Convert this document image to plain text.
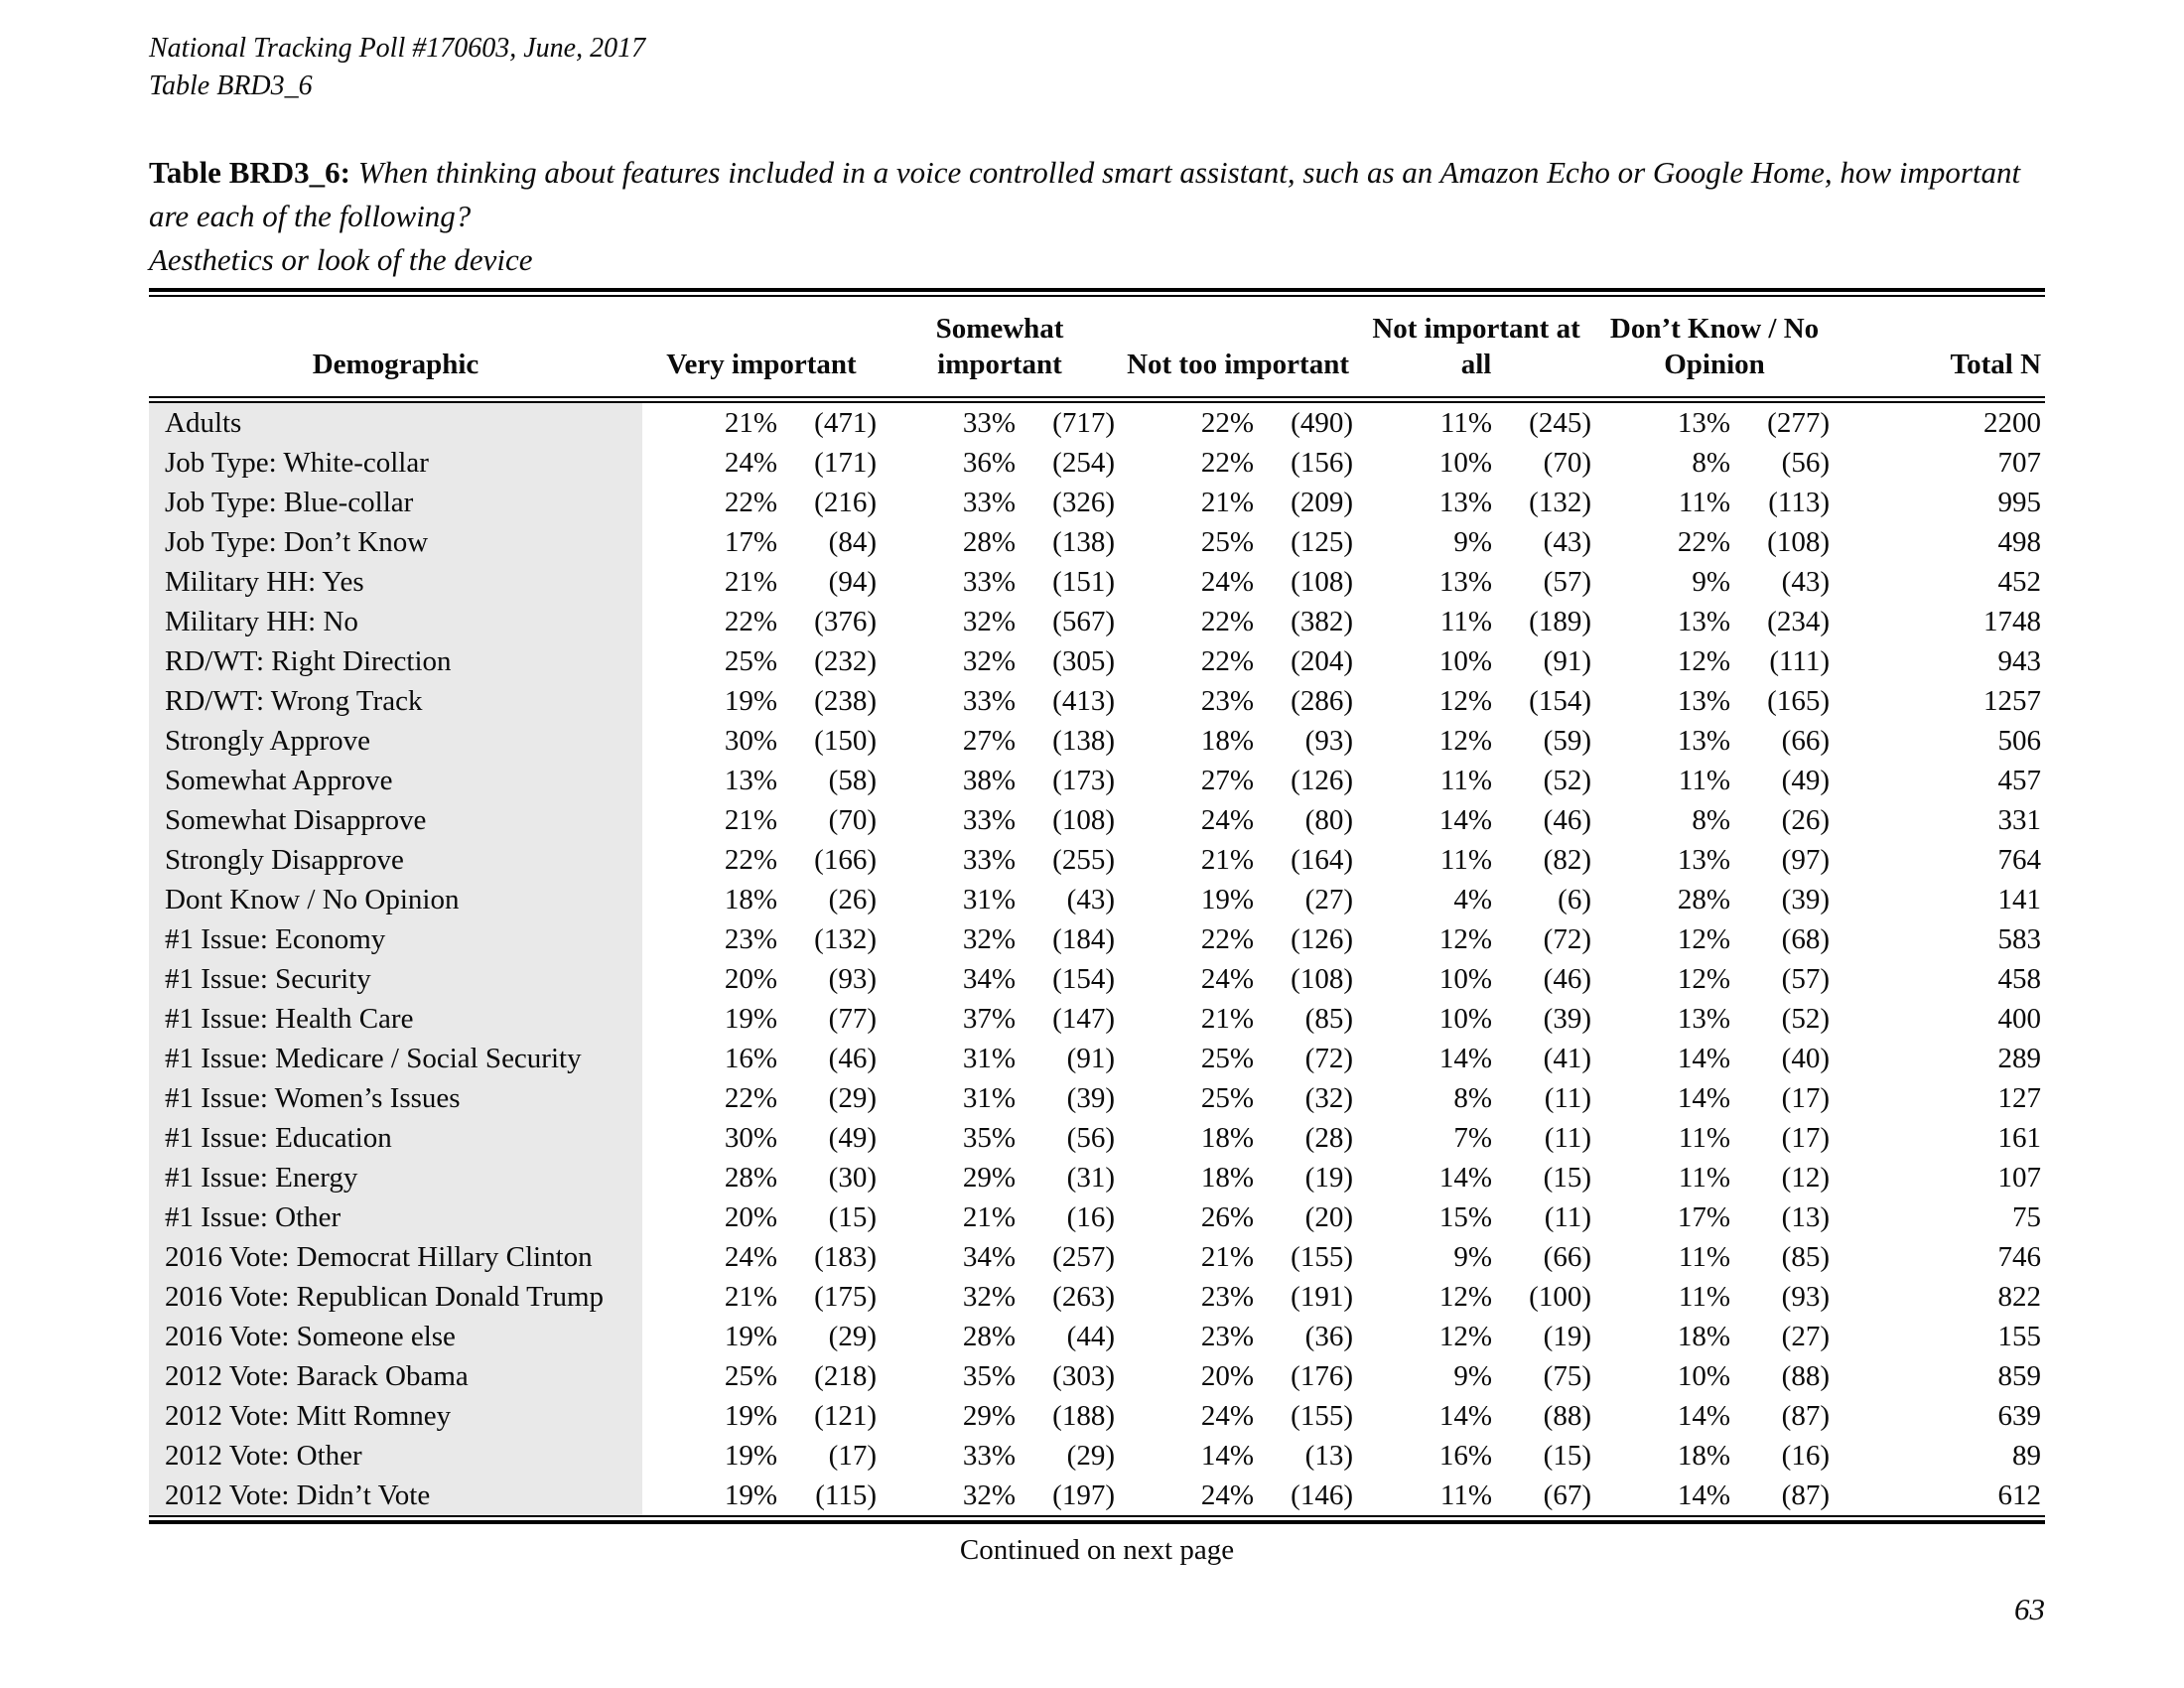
National Tracking Poll #170603, June, 2017
Table BRD3_6
Table BRD3_6: When thinking about features included in a voice controlled smart assistant, such as an Amazon Echo or Google Home, how important are each of the following?
Aesthetics or look of the device
Demographic	Very important	Somewhat important	Not too important	Not important at all	Don’t Know / No Opinion	Total N
Adults	21%	(471)	33%	(717)	22%	(490)	11%	(245)	13%	(277)	2200
Job Type: White-collar	24%	(171)	36%	(254)	22%	(156)	10%	(70)	8%	(56)	707
Job Type: Blue-collar	22%	(216)	33%	(326)	21%	(209)	13%	(132)	11%	(113)	995
Job Type: Don’t Know	17%	(84)	28%	(138)	25%	(125)	9%	(43)	22%	(108)	498
Military HH: Yes	21%	(94)	33%	(151)	24%	(108)	13%	(57)	9%	(43)	452
Military HH: No	22%	(376)	32%	(567)	22%	(382)	11%	(189)	13%	(234)	1748
RD/WT: Right Direction	25%	(232)	32%	(305)	22%	(204)	10%	(91)	12%	(111)	943
RD/WT: Wrong Track	19%	(238)	33%	(413)	23%	(286)	12%	(154)	13%	(165)	1257
Strongly Approve	30%	(150)	27%	(138)	18%	(93)	12%	(59)	13%	(66)	506
Somewhat Approve	13%	(58)	38%	(173)	27%	(126)	11%	(52)	11%	(49)	457
Somewhat Disapprove	21%	(70)	33%	(108)	24%	(80)	14%	(46)	8%	(26)	331
Strongly Disapprove	22%	(166)	33%	(255)	21%	(164)	11%	(82)	13%	(97)	764
Dont Know / No Opinion	18%	(26)	31%	(43)	19%	(27)	4%	(6)	28%	(39)	141
#1 Issue: Economy	23%	(132)	32%	(184)	22%	(126)	12%	(72)	12%	(68)	583
#1 Issue: Security	20%	(93)	34%	(154)	24%	(108)	10%	(46)	12%	(57)	458
#1 Issue: Health Care	19%	(77)	37%	(147)	21%	(85)	10%	(39)	13%	(52)	400
#1 Issue: Medicare / Social Security	16%	(46)	31%	(91)	25%	(72)	14%	(41)	14%	(40)	289
#1 Issue: Women’s Issues	22%	(29)	31%	(39)	25%	(32)	8%	(11)	14%	(17)	127
#1 Issue: Education	30%	(49)	35%	(56)	18%	(28)	7%	(11)	11%	(17)	161
#1 Issue: Energy	28%	(30)	29%	(31)	18%	(19)	14%	(15)	11%	(12)	107
#1 Issue: Other	20%	(15)	21%	(16)	26%	(20)	15%	(11)	17%	(13)	75
2016 Vote: Democrat Hillary Clinton	24%	(183)	34%	(257)	21%	(155)	9%	(66)	11%	(85)	746
2016 Vote: Republican Donald Trump	21%	(175)	32%	(263)	23%	(191)	12%	(100)	11%	(93)	822
2016 Vote: Someone else	19%	(29)	28%	(44)	23%	(36)	12%	(19)	18%	(27)	155
2012 Vote: Barack Obama	25%	(218)	35%	(303)	20%	(176)	9%	(75)	10%	(88)	859
2012 Vote: Mitt Romney	19%	(121)	29%	(188)	24%	(155)	14%	(88)	14%	(87)	639
2012 Vote: Other	19%	(17)	33%	(29)	14%	(13)	16%	(15)	18%	(16)	89
2012 Vote: Didn’t Vote	19%	(115)	32%	(197)	24%	(146)	11%	(67)	14%	(87)	612
Continued on next page
63
